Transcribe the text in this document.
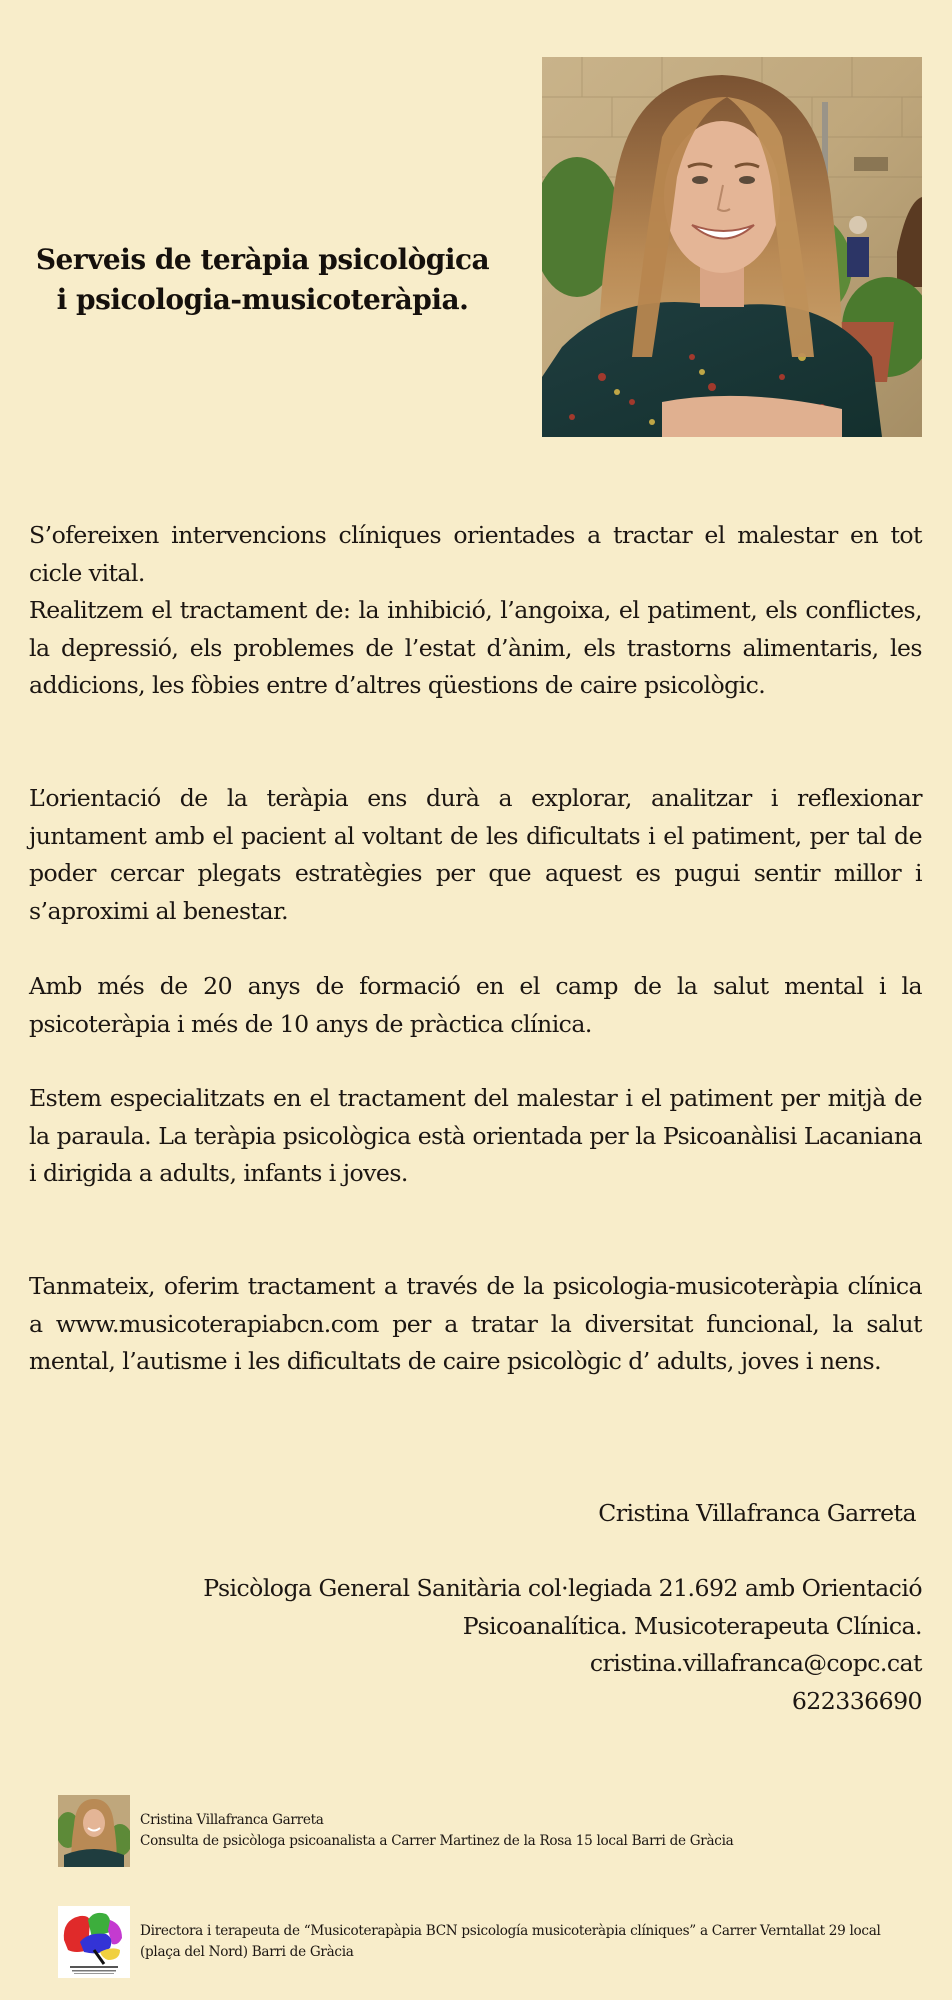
Serveis de teràpia psicològica
i psicologia-musicoteràpia.

S’ofereixen intervencions clíniques orientades a tractar el malestar en tot cicle vital.

Realitzem el tractament de: la inhibició, l’angoixa, el patiment, els conflictes, la depressió, els problemes de l’estat d’ànim, els trastorns alimentaris, les addicions, les fòbies entre d’altres qüestions de caire psicològic.

L’orientació de la teràpia ens durà a explorar, analitzar i reflexionar juntament amb el pacient al voltant de les dificultats i el patiment, per tal de poder cercar plegats estratègies per que aquest es pugui sentir millor i s’aproximi al benestar.

Amb més de 20 anys de formació en el camp de la salut mental i la psicoteràpia i més de 10 anys de pràctica clínica.

Estem especialitzats en el tractament del malestar i el patiment per mitjà de la paraula. La teràpia psicològica està orientada per la Psicoanàlisi Lacaniana i dirigida a adults, infants i joves.

Tanmateix, oferim tractament a través de la psicologia-musicoteràpia clínica a www.musicoterapiabcn.com per a tratar la diversitat funcional, la salut mental, l’autisme i les dificultats de caire psicològic d’ adults, joves i nens.

Cristina Villafranca Garreta
Psicòloga General Sanitària col·legiada 21.692 amb Orientació
Psicoanalítica. Musicoterapeuta Clínica.
cristina.villafranca@copc.cat
622336690
Cristina Villafranca Garreta
Consulta de psicòloga psicoanalista a Carrer Martinez de la Rosa 15 local Barri de Gràcia
Directora i terapeuta de “Musicoterapàpia BCN psicología musicoteràpia clíniques” a Carrer Verntallat 29 local
(plaça del Nord) Barri de Gràcia
